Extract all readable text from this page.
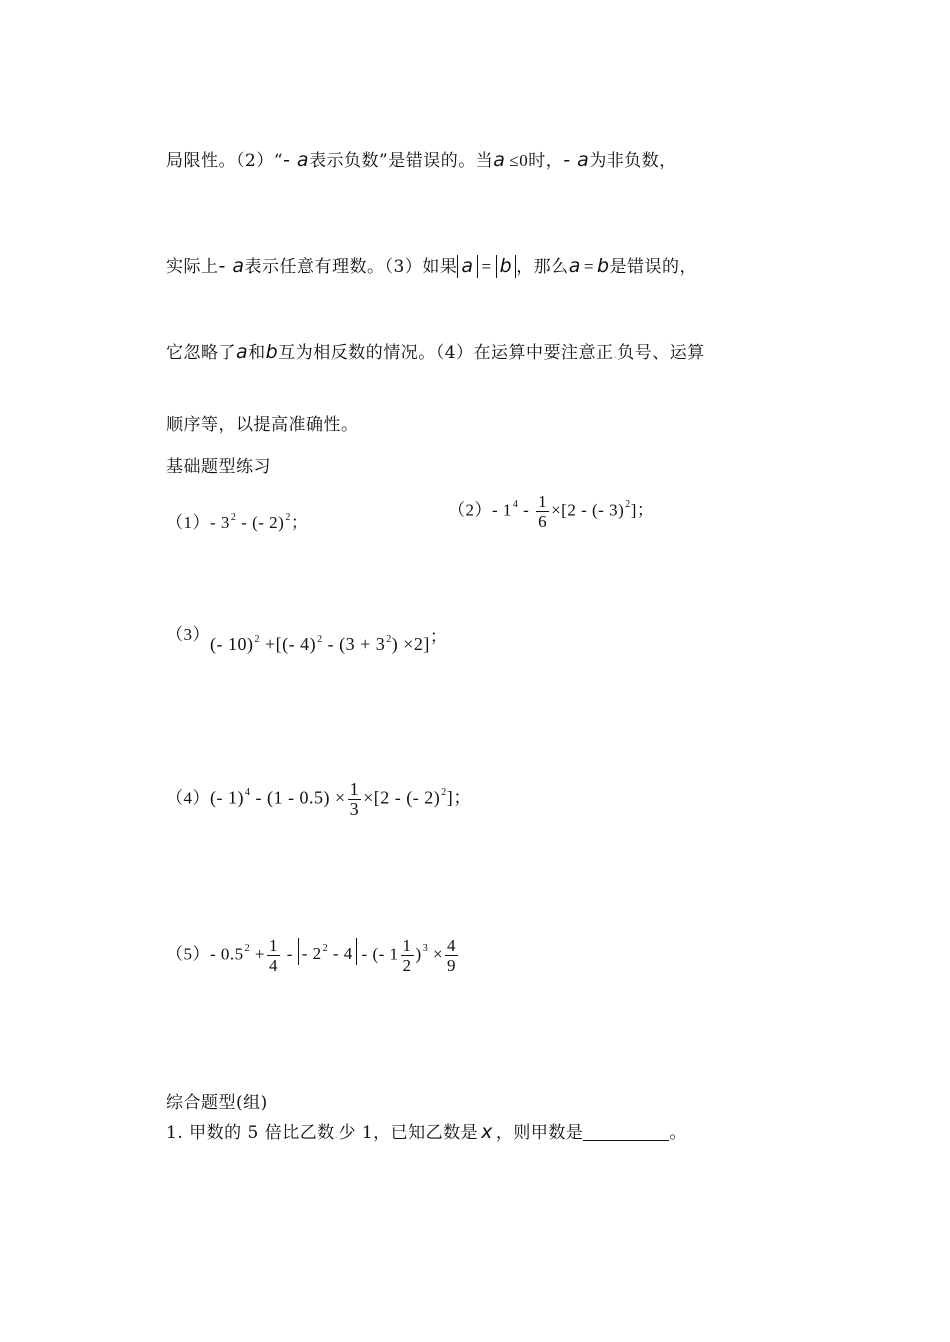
局限性。（2）“- a表示负数”是错误的。当a ≤0时，- a为非负数，
实际上- a表示任意有理数。（3）如果 a = b ，那么a = b是错误的，
它忽略了a和b互为相反数的情况。（4）在运算中要注意正.负号、运算
顺序等，以提高准确性。
基础题型练习
（1）- $3^2$ - (- 2)$^2$；
（2）- $1^4 - \frac{1}{6} \times[2$ - (- 3)$^2$]；
（3）(- 10)$^2$ +[(- $4)^2 - (3 + 3^2) \times 2$]；
（4）(- $1)^4 - (1 - 0.5) \times \frac{1}{3} \times[2$ - (- 2)$^2$]；
（5）- $0.5^2 + \frac{1}{4}$ - - $2^2 - 4$ - (- $1 \frac{1}{2} )^3 \times \frac{4}{9}$
综合题型(组)
1. 甲数的 5 倍比乙数.少 1，已知乙数是 x ，则甲数是	。
